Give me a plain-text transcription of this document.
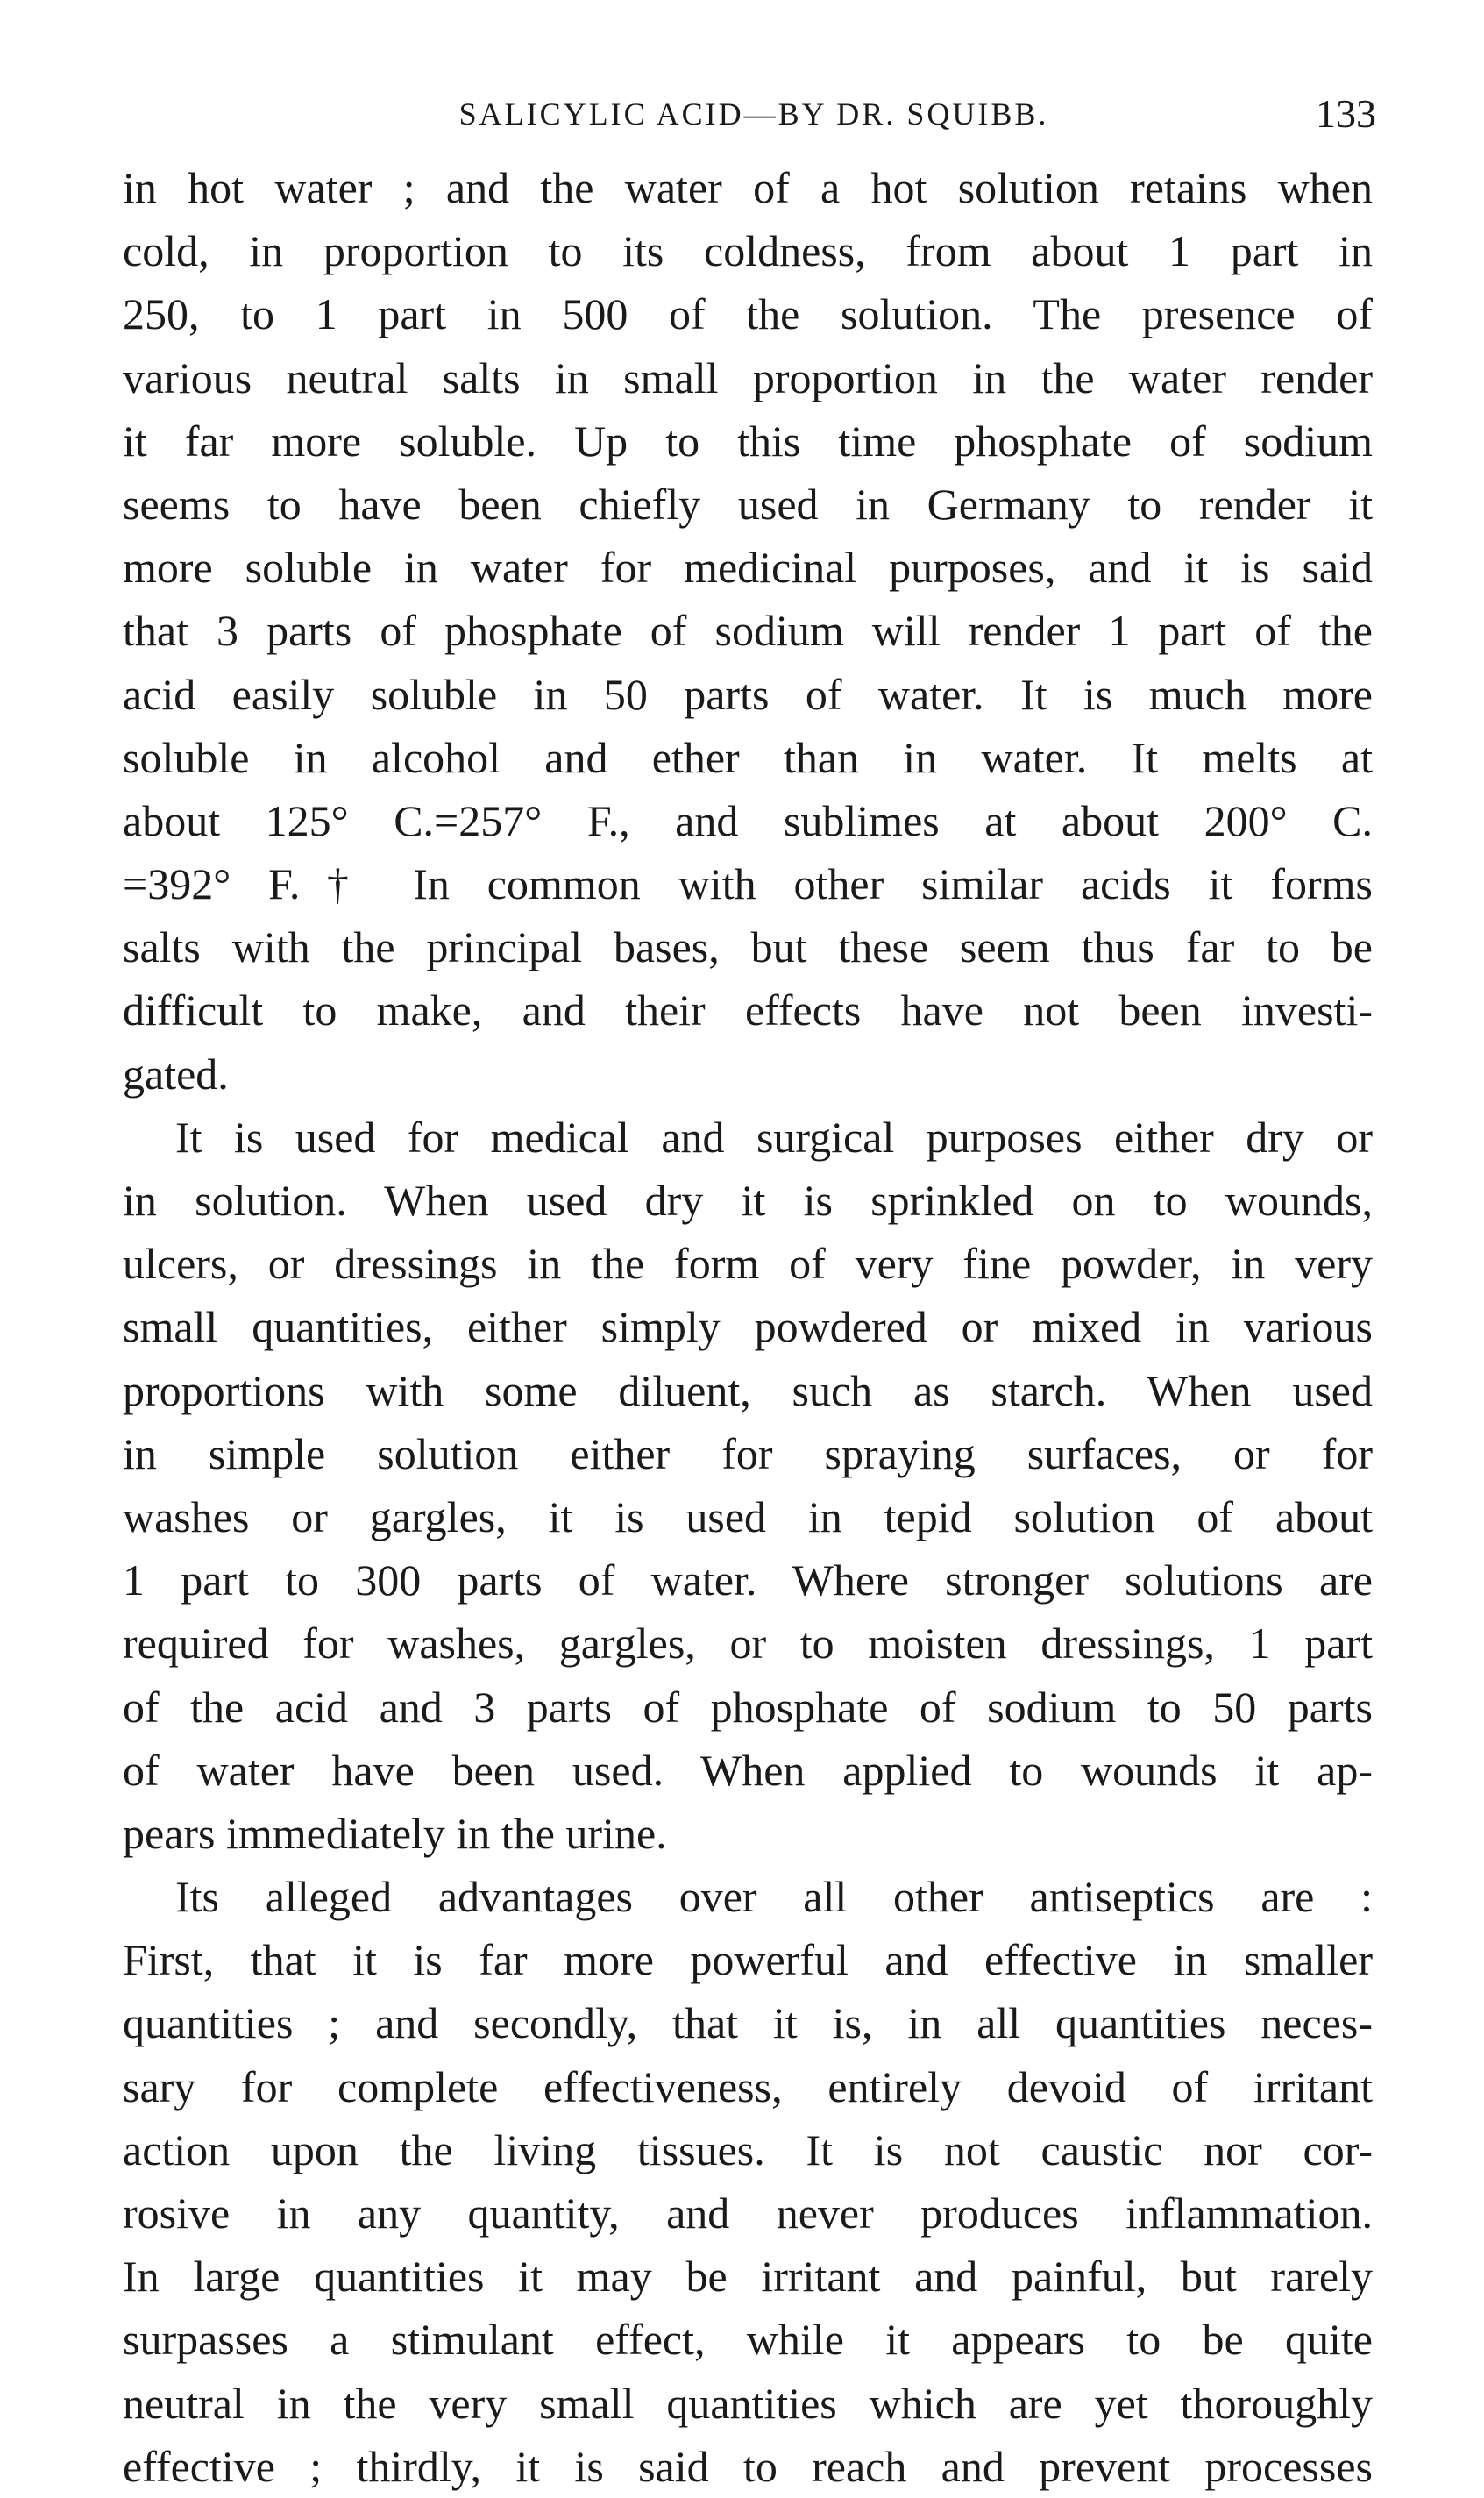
SALICYLIC ACID—BY DR. SQUIBB.	133
in hot water ; and the water of a hot solution retains when
cold, in proportion to its coldness, from about 1 part in
250, to 1 part in 500 of the solution. The presence of
various neutral salts in small proportion in the water render
it far more soluble. Up to this time phosphate of sodium
seems to have been chiefly used in Germany to render it
more soluble in water for medicinal purposes, and it is said
that 3 parts of phosphate of sodium will render 1 part of the
acid easily soluble in 50 parts of water. It is much more
soluble in alcohol and ether than in water. It melts at
about 125° C.=257° F., and sublimes at about 200° C.
=392° F.† In common with other similar acids it forms
salts with the principal bases, but these seem thus far to be
difficult to make, and their effects have not been investi-
gated.
It is used for medical and surgical purposes either dry or
in solution. When used dry it is sprinkled on to wounds,
ulcers, or dressings in the form of very fine powder, in very
small quantities, either simply powdered or mixed in various
proportions with some diluent, such as starch. When used
in simple solution either for spraying surfaces, or for
washes or gargles, it is used in tepid solution of about
1 part to 300 parts of water. Where stronger solutions are
required for washes, gargles, or to moisten dressings, 1 part
of the acid and 3 parts of phosphate of sodium to 50 parts
of water have been used. When applied to wounds it ap-
pears immediately in the urine.
Its alleged advantages over all other antiseptics are :
First, that it is far more powerful and effective in smaller
quantities ; and secondly, that it is, in all quantities neces-
sary for complete effectiveness, entirely devoid of irritant
action upon the living tissues. It is not caustic nor cor-
rosive in any quantity, and never produces inflammation.
In large quantities it may be irritant and painful, but rarely
surpasses a stimulant effect, while it appears to be quite
neutral in the very small quantities which are yet thoroughly
effective ; thirdly, it is said to reach and prevent processes
